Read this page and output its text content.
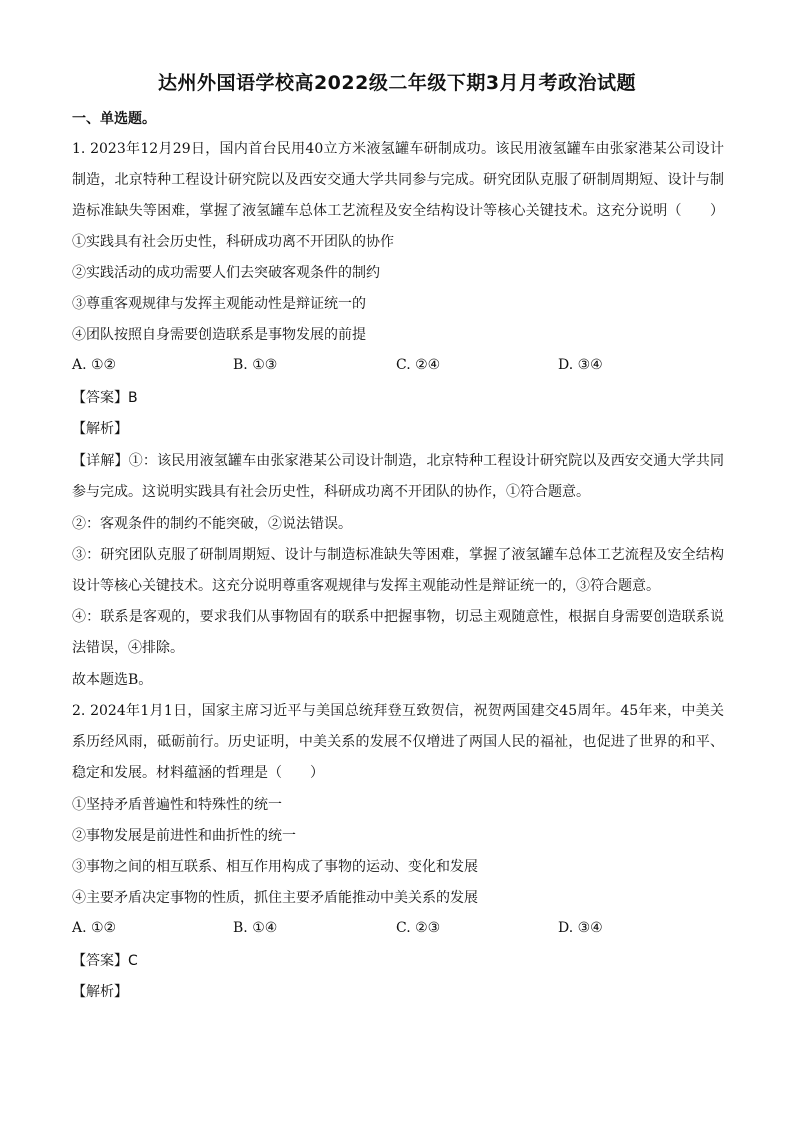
达州外国语学校高2022级二年级下期3月月考政治试题
一、单选题。
1. 2023年12月29日，国内首台民用40立方米液氢罐车研制成功。该民用液氢罐车由张家港某公司设计
制造，北京特种工程设计研究院以及西安交通大学共同参与完成。研究团队克服了研制周期短、设计与制
造标准缺失等困难，掌握了液氢罐车总体工艺流程及安全结构设计等核心关键技术。这充分说明（　　）
①实践具有社会历史性，科研成功离不开团队的协作
②实践活动的成功需要人们去突破客观条件的制约
③尊重客观规律与发挥主观能动性是辩证统一的
④团队按照自身需要创造联系是事物发展的前提
A. ①②	B. ①③	C. ②④	D. ③④
【答案】B
【解析】
【详解】①：该民用液氢罐车由张家港某公司设计制造，北京特种工程设计研究院以及西安交通大学共同
参与完成。这说明实践具有社会历史性，科研成功离不开团队的协作，①符合题意。
②：客观条件的制约不能突破，②说法错误。
③：研究团队克服了研制周期短、设计与制造标准缺失等困难，掌握了液氢罐车总体工艺流程及安全结构
设计等核心关键技术。这充分说明尊重客观规律与发挥主观能动性是辩证统一的，③符合题意。
④：联系是客观的，要求我们从事物固有的联系中把握事物，切忌主观随意性，根据自身需要创造联系说
法错误，④排除。
故本题选B。
2. 2024年1月1日，国家主席习近平与美国总统拜登互致贺信，祝贺两国建交45周年。45年来，中美关
系历经风雨，砥砺前行。历史证明，中美关系的发展不仅增进了两国人民的福祉，也促进了世界的和平、
稳定和发展。材料蕴涵的哲理是（　　）
①坚持矛盾普遍性和特殊性的统一
②事物发展是前进性和曲折性的统一
③事物之间的相互联系、相互作用构成了事物的运动、变化和发展
④主要矛盾决定事物的性质，抓住主要矛盾能推动中美关系的发展
A. ①②	B. ①④	C. ②③	D. ③④
【答案】C
【解析】
